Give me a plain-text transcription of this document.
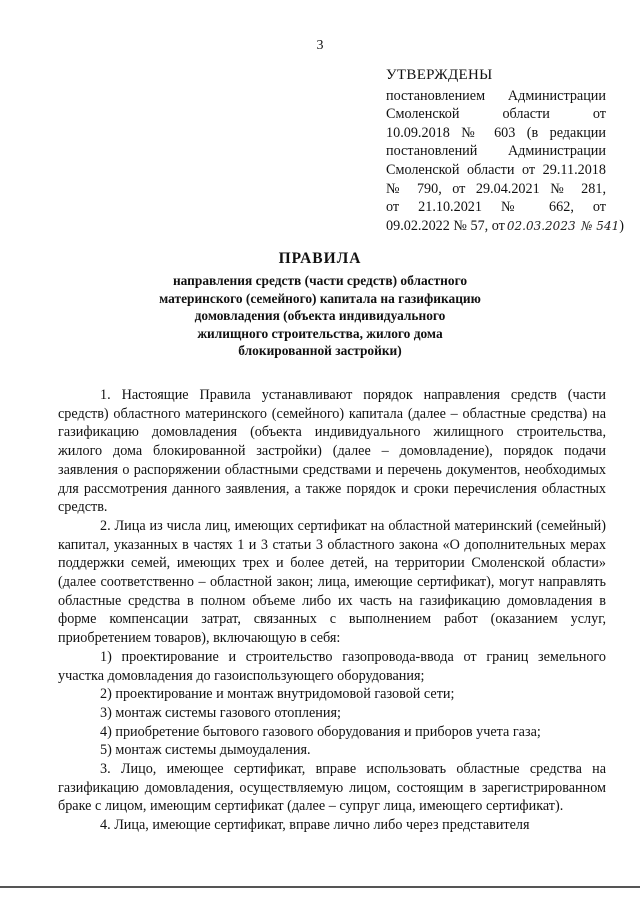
3
УТВЕРЖДЕНЫ
постановлением Администрации
Смоленской области от
10.09.2018 № 603 (в редакции
постановлений Администрации
Смоленской области от 29.11.2018
№ 790, от 29.04.2021 № 281,
от 21.10.2021 № 662, от
09.02.2022 № 57, от 02.03.2023 № 541)
ПРАВИЛА
направления средств (части средств) областного
материнского (семейного) капитала на газификацию
домовладения (объекта индивидуального
жилищного строительства, жилого дома
блокированной застройки)

1. Настоящие Правила устанавливают порядок направления средств (части средств) областного материнского (семейного) капитала (далее – областные средства) на газификацию домовладения (объекта индивидуального жилищного строительства, жилого дома блокированной застройки) (далее – домовладение), порядок подачи заявления о распоряжении областными средствами и перечень документов, необходимых для рассмотрения данного заявления, а также порядок и сроки перечисления областных средств.

2. Лица из числа лиц, имеющих сертификат на областной материнский (семейный) капитал, указанных в частях 1 и 3 статьи 3 областного закона «О дополнительных мерах поддержки семей, имеющих трех и более детей, на территории Смоленской области» (далее соответственно – областной закон; лица, имеющие сертификат), могут направлять областные средства в полном объеме либо их часть на газификацию домовладения в форме компенсации затрат, связанных с выполнением работ (оказанием услуг, приобретением товаров), включающую в себя:

1) проектирование и строительство газопровода-ввода от границ земельного участка домовладения до газоиспользующего оборудования;

2) проектирование и монтаж внутридомовой газовой сети;

3) монтаж системы газового отопления;

4) приобретение бытового газового оборудования и приборов учета газа;

5) монтаж системы дымоудаления.

3. Лицо, имеющее сертификат, вправе использовать областные средства на газификацию домовладения, осуществляемую лицом, состоящим в зарегистрированном браке с лицом, имеющим сертификат (далее – супруг лица, имеющего сертификат).

4. Лица, имеющие сертификат, вправе лично либо через представителя
